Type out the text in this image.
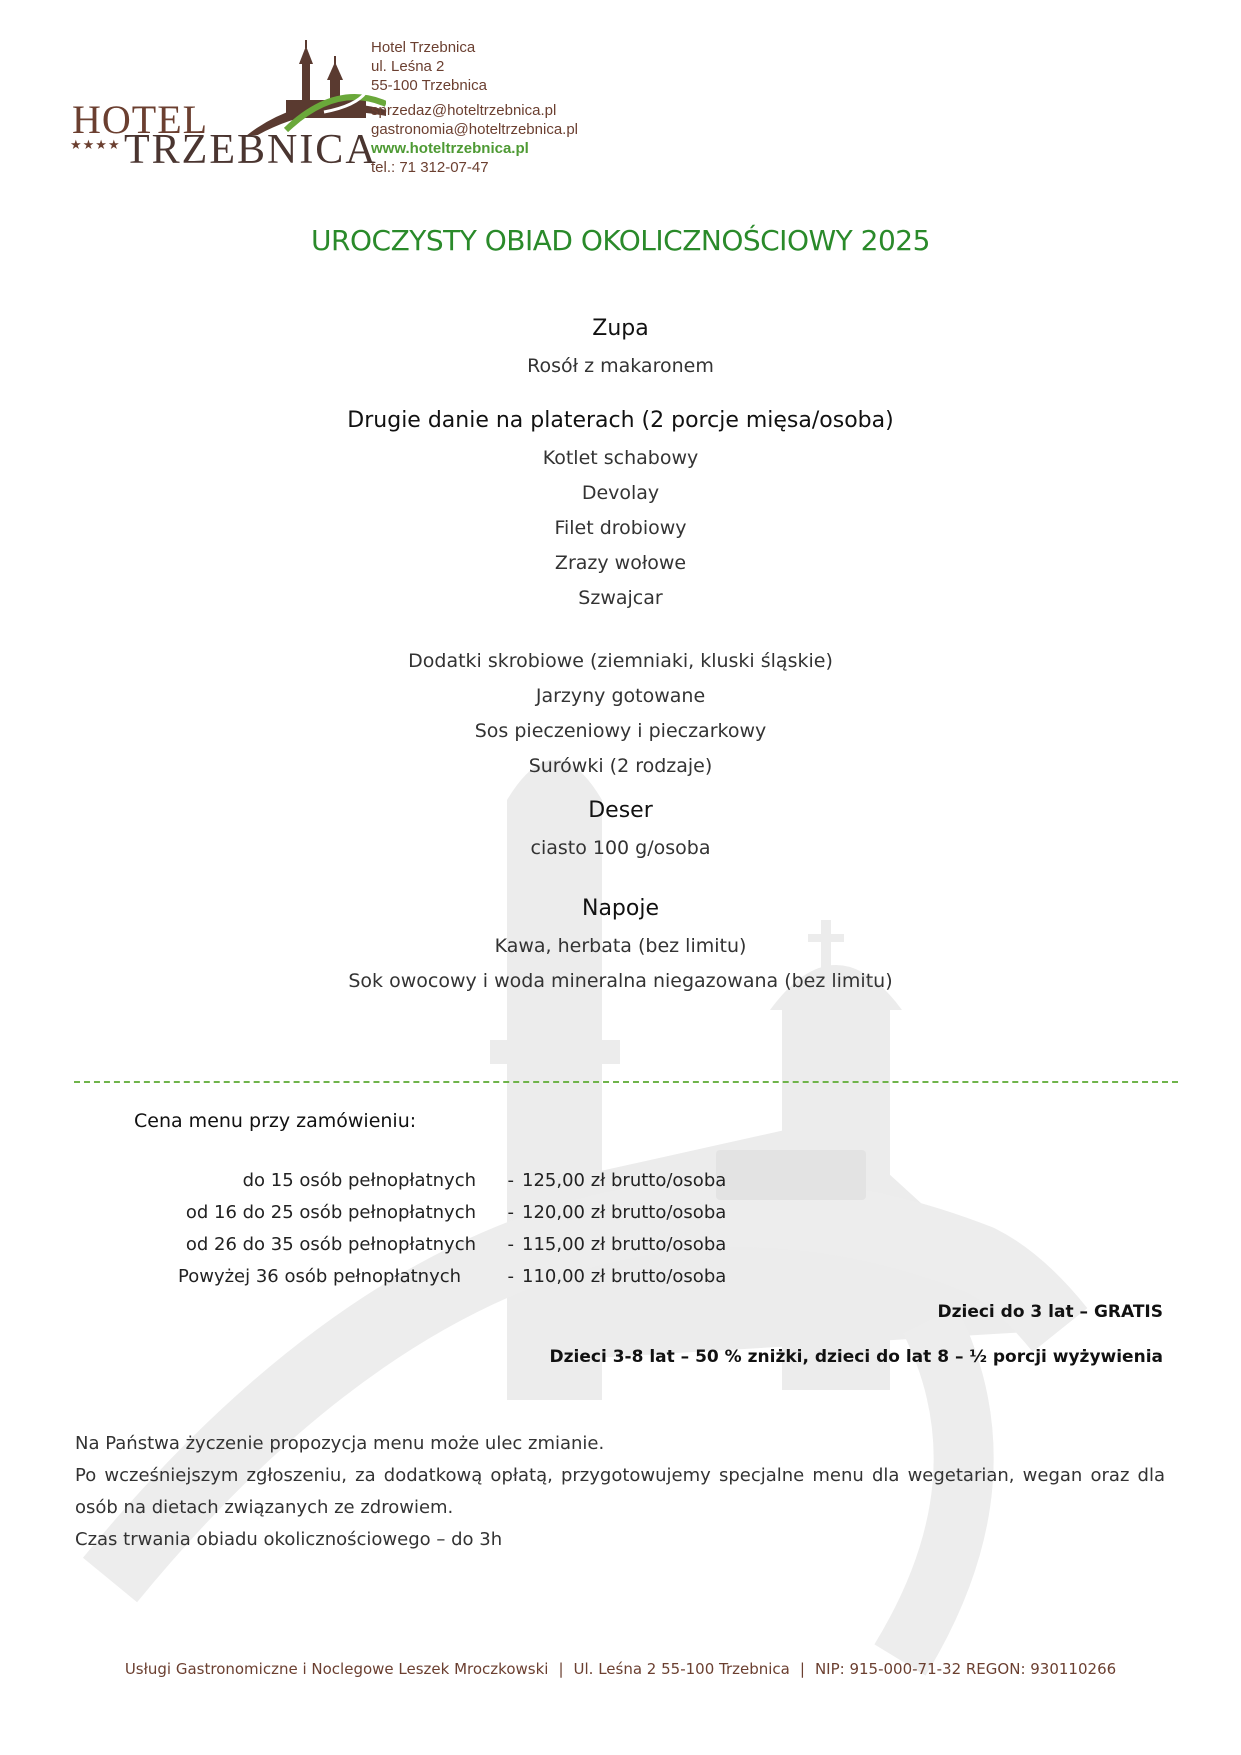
HOTEL
★★★★ TRZEBNICA
Hotel Trzebnica
ul. Leśna 2
55-100 Trzebnica
sprzedaz@hoteltrzebnica.pl
gastronomia@hoteltrzebnica.pl
www.hoteltrzebnica.pl
tel.: 71 312-07-47
UROCZYSTY OBIAD OKOLICZNOŚCIOWY 2025
Zupa
Rosół z makaronem
Drugie danie na platerach (2 porcje mięsa/osoba)
Kotlet schabowy
Devolay
Filet drobiowy
Zrazy wołowe
Szwajcar
Dodatki skrobiowe (ziemniaki, kluski śląskie)
Jarzyny gotowane
Sos pieczeniowy i pieczarkowy
Surówki (2 rodzaje)
Deser
ciasto 100 g/osoba
Napoje
Kawa, herbata (bez limitu)
Sok owocowy i woda mineralna niegazowana (bez limitu)
Cena menu przy zamówieniu:
do 15 osób pełnopłatnych	- 125,00 zł brutto/osoba
od 16 do 25 osób pełnopłatnych	- 120,00 zł brutto/osoba
od 26 do 35 osób pełnopłatnych	- 115,00 zł brutto/osoba
Powyżej 36 osób pełnopłatnych	- 110,00 zł brutto/osoba
Dzieci do 3 lat – GRATIS
Dzieci 3-8 lat – 50 % zniżki, dzieci do lat 8 – ½ porcji wyżywienia
Na Państwa życzenie propozycja menu może ulec zmianie.
Po wcześniejszym zgłoszeniu, za dodatkową opłatą, przygotowujemy specjalne menu dla wegetarian, wegan oraz dla osób na dietach związanych ze zdrowiem.
Czas trwania obiadu okolicznościowego – do 3h
Usługi Gastronomiczne i Noclegowe Leszek Mroczkowski | Ul. Leśna 2 55-100 Trzebnica | NIP: 915-000-71-32 REGON: 930110266
